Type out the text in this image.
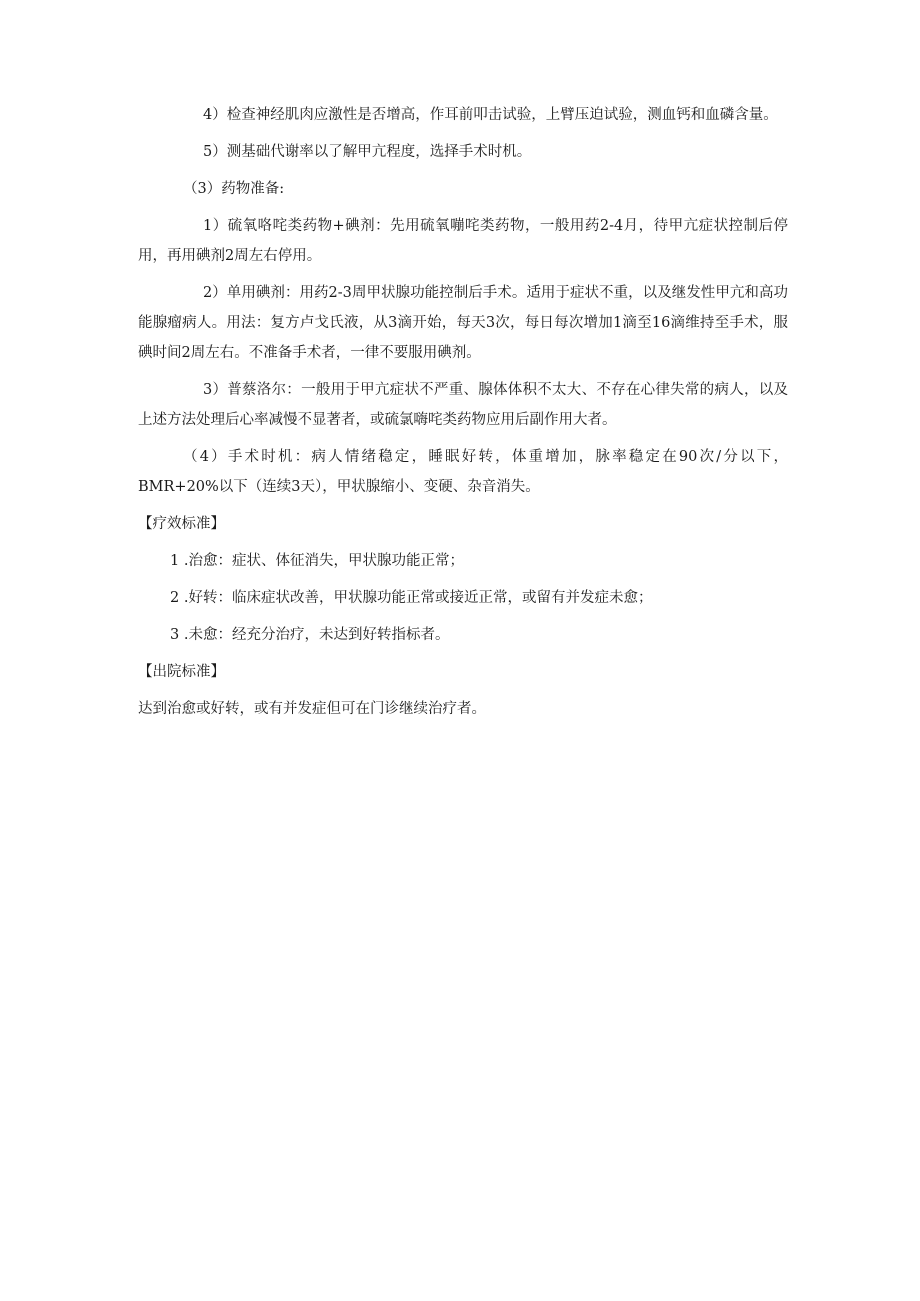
4）检查神经肌肉应激性是否增高，作耳前叩击试验，上臂压迫试验，测血钙和血磷含量。

5）测基础代谢率以了解甲亢程度，选择手术时机。

（3）药物准备:

1）硫氧咯咤类药物+碘剂：先用硫氧嘣咤类药物，一般用药2-4月，待甲亢症状控制后停用，再用碘剂2周左右停用。

2）单用碘剂：用药2-3周甲状腺功能控制后手术。适用于症状不重，以及继发性甲亢和高功能腺瘤病人。用法：复方卢戈氏液，从3滴开始，每天3次，每日每次增加1滴至16滴维持至手术，服碘时间2周左右。不准备手术者，一律不要服用碘剂。

3）普蔡洛尔：一般用于甲亢症状不严重、腺体体积不太大、不存在心律失常的病人，以及上述方法处理后心率减慢不显著者，或硫氯嗨咤类药物应用后副作用大者。

（4）手术时机：病人情绪稳定，睡眠好转，体重增加，脉率稳定在90次/分以下，BMR+20%以下（连续3天），甲状腺缩小、变硬、杂音消失。

【疗效标准】

1 .治愈：症状、体征消失，甲状腺功能正常；

2 .好转：临床症状改善，甲状腺功能正常或接近正常，或留有并发症未愈；

3 .未愈：经充分治疗，未达到好转指标者。

【出院标准】

达到治愈或好转，或有并发症但可在门诊继续治疗者。
